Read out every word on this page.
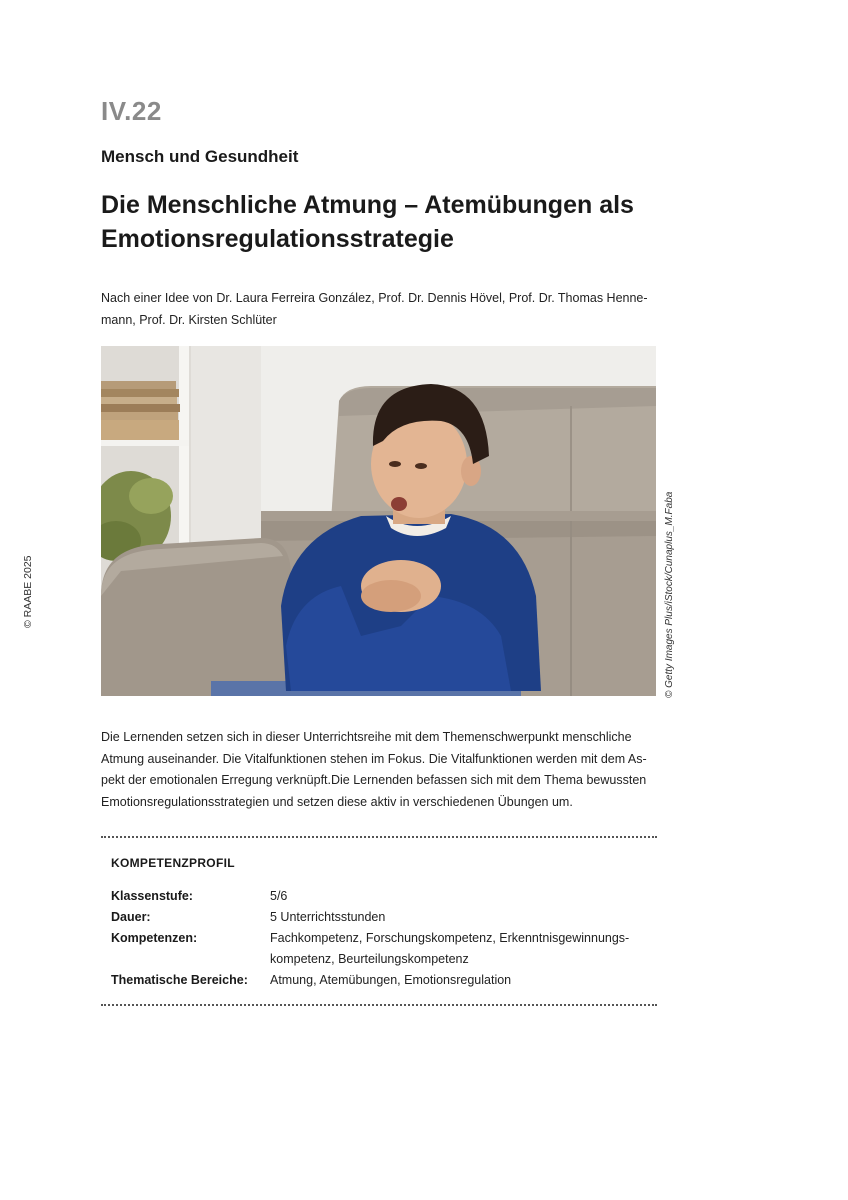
IV.22
Mensch und Gesundheit
Die Menschliche Atmung – Atemübungen als
Emotionsregulationsstrategie
Nach einer Idee von Dr. Laura Ferreira González, Prof. Dr. Dennis Hövel, Prof. Dr. Thomas Henne-
mann, Prof. Dr. Kirsten Schlüter
© RAABE 2025	© Getty Images Plus/iStock/Cunaplus_M.Faba
Die Lernenden setzen sich in dieser Unterrichtsreihe mit dem Themenschwerpunkt menschliche
Atmung auseinander. Die Vitalfunktionen stehen im Fokus. Die Vitalfunktionen werden mit dem As-
pekt der emotionalen Erregung verknüpft.Die Lernenden befassen sich mit dem Thema bewussten
Emotionsregulationsstrategien und setzen diese aktiv in verschiedenen Übungen um.
KOMPETENZPROFIL
Klassenstufe:	5/6
Dauer:	5 Unterrichtsstunden
Kompetenzen:	Fachkompetenz, Forschungskompetenz, Erkenntnisgewinnungs-
kompetenz, Beurteilungskompetenz
Thematische Bereiche: Atmung, Atemübungen, Emotionsregulation
